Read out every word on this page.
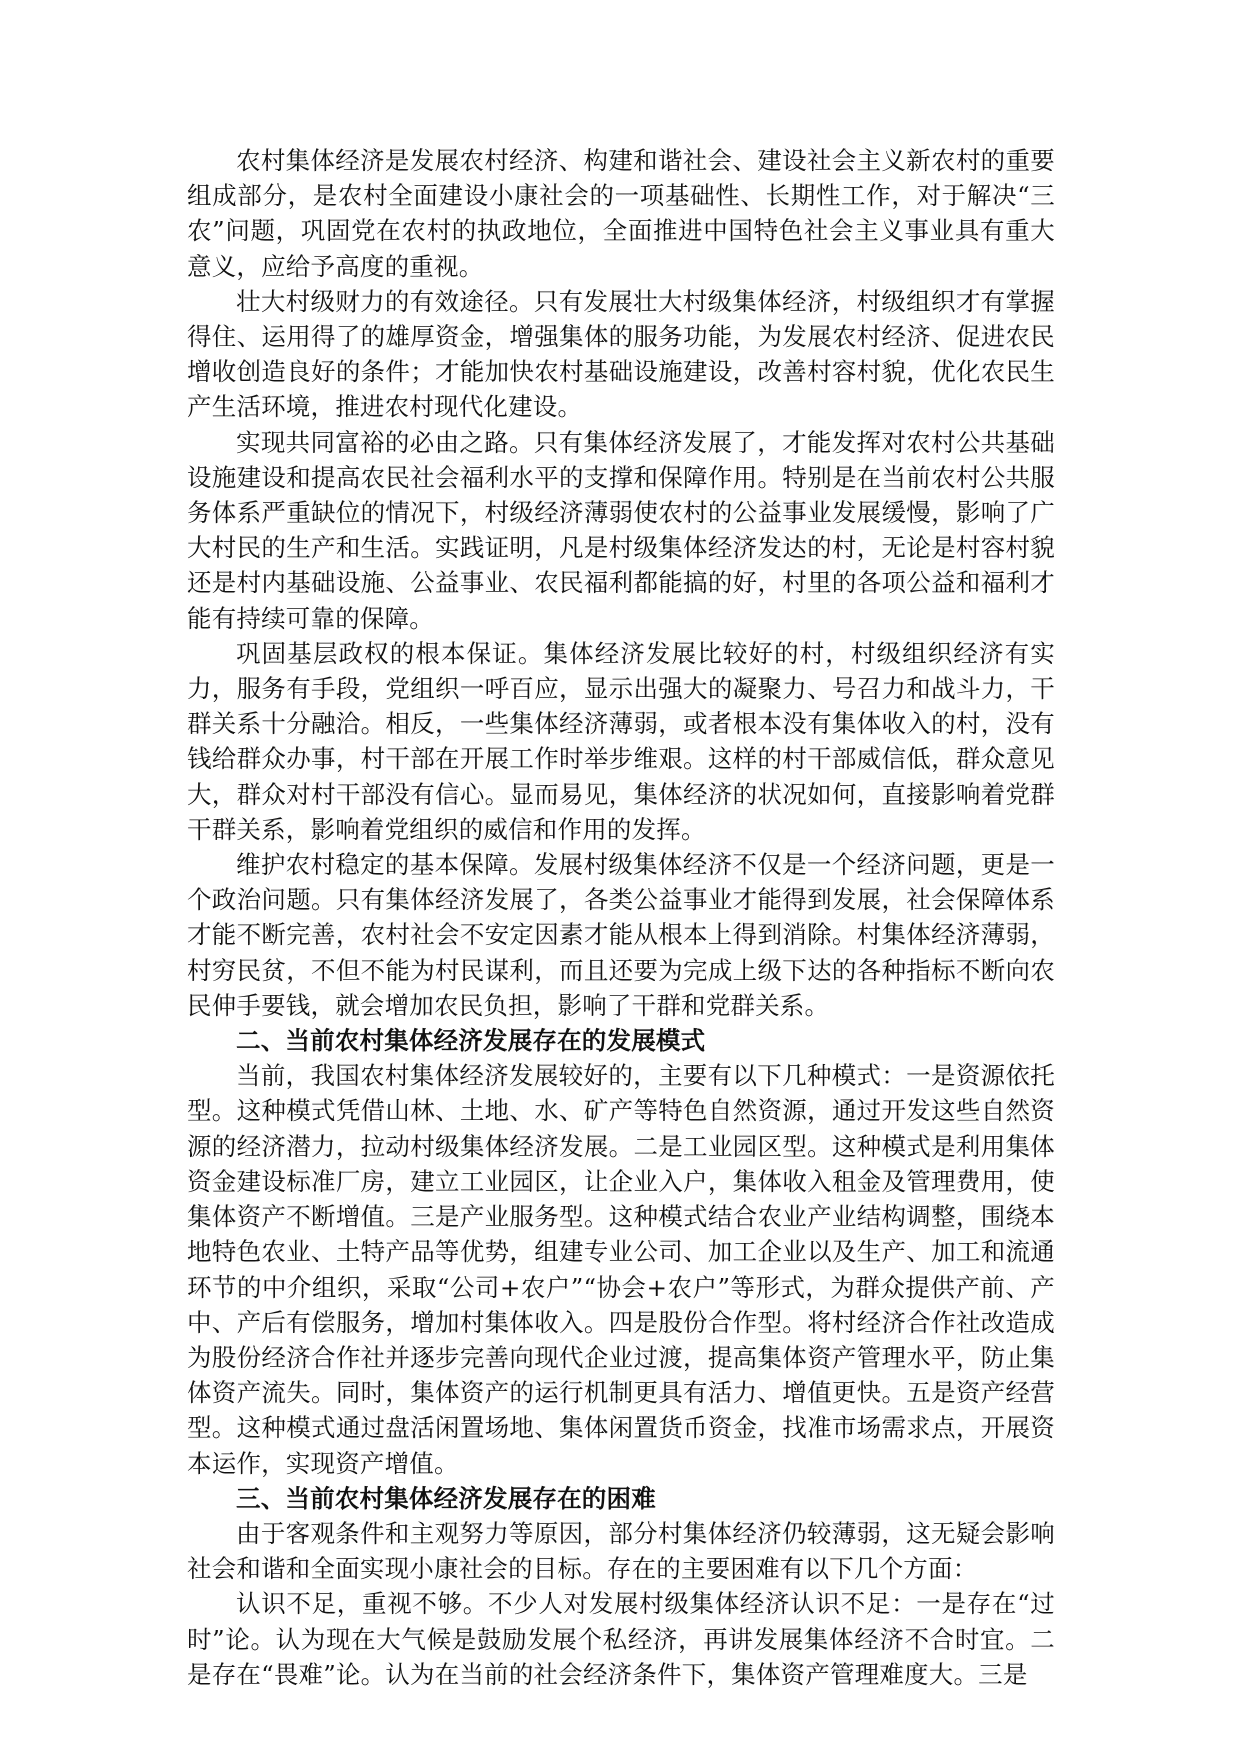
农村集体经济是发展农村经济、构建和谐社会、建设社会主义新农村的重要组成部分，是农村全面建设小康社会的一项基础性、长期性工作，对于解决“三农”问题，巩固党在农村的执政地位，全面推进中国特色社会主义事业具有重大意义，应给予高度的重视。

壮大村级财力的有效途径。只有发展壮大村级集体经济，村级组织才有掌握得住、运用得了的雄厚资金，增强集体的服务功能，为发展农村经济、促进农民增收创造良好的条件；才能加快农村基础设施建设，改善村容村貌，优化农民生产生活环境，推进农村现代化建设。

实现共同富裕的必由之路。只有集体经济发展了，才能发挥对农村公共基础设施建设和提高农民社会福利水平的支撑和保障作用。特别是在当前农村公共服务体系严重缺位的情况下，村级经济薄弱使农村的公益事业发展缓慢，影响了广大村民的生产和生活。实践证明，凡是村级集体经济发达的村，无论是村容村貌还是村内基础设施、公益事业、农民福利都能搞的好，村里的各项公益和福利才能有持续可靠的保障。

巩固基层政权的根本保证。集体经济发展比较好的村，村级组织经济有实力，服务有手段，党组织一呼百应，显示出强大的凝聚力、号召力和战斗力，干群关系十分融洽。相反，一些集体经济薄弱，或者根本没有集体收入的村，没有钱给群众办事，村干部在开展工作时举步维艰。这样的村干部威信低，群众意见大，群众对村干部没有信心。显而易见，集体经济的状况如何，直接影响着党群干群关系，影响着党组织的威信和作用的发挥。

维护农村稳定的基本保障。发展村级集体经济不仅是一个经济问题，更是一个政治问题。只有集体经济发展了，各类公益事业才能得到发展，社会保障体系才能不断完善，农村社会不安定因素才能从根本上得到消除。村集体经济薄弱，村穷民贫，不但不能为村民谋利，而且还要为完成上级下达的各种指标不断向农民伸手要钱，就会增加农民负担，影响了干群和党群关系。

二、当前农村集体经济发展存在的发展模式

当前，我国农村集体经济发展较好的，主要有以下几种模式：一是资源依托型。这种模式凭借山林、土地、水、矿产等特色自然资源，通过开发这些自然资源的经济潜力，拉动村级集体经济发展。二是工业园区型。这种模式是利用集体资金建设标准厂房，建立工业园区，让企业入户，集体收入租金及管理费用，使集体资产不断增值。三是产业服务型。这种模式结合农业产业结构调整，围绕本地特色农业、土特产品等优势，组建专业公司、加工企业以及生产、加工和流通环节的中介组织，采取“公司+农户”“协会+农户”等形式，为群众提供产前、产中、产后有偿服务，增加村集体收入。四是股份合作型。将村经济合作社改造成为股份经济合作社并逐步完善向现代企业过渡，提高集体资产管理水平，防止集体资产流失。同时，集体资产的运行机制更具有活力、增值更快。五是资产经营型。这种模式通过盘活闲置场地、集体闲置货币资金，找准市场需求点，开展资本运作，实现资产增值。

三、当前农村集体经济发展存在的困难

由于客观条件和主观努力等原因，部分村集体经济仍较薄弱，这无疑会影响社会和谐和全面实现小康社会的目标。存在的主要困难有以下几个方面：

认识不足，重视不够。不少人对发展村级集体经济认识不足：一是存在“过时”论。认为现在大气候是鼓励发展个私经济，再讲发展集体经济不合时宜。二是存在“畏难”论。认为在当前的社会经济条件下，集体资产管理难度大。三是
